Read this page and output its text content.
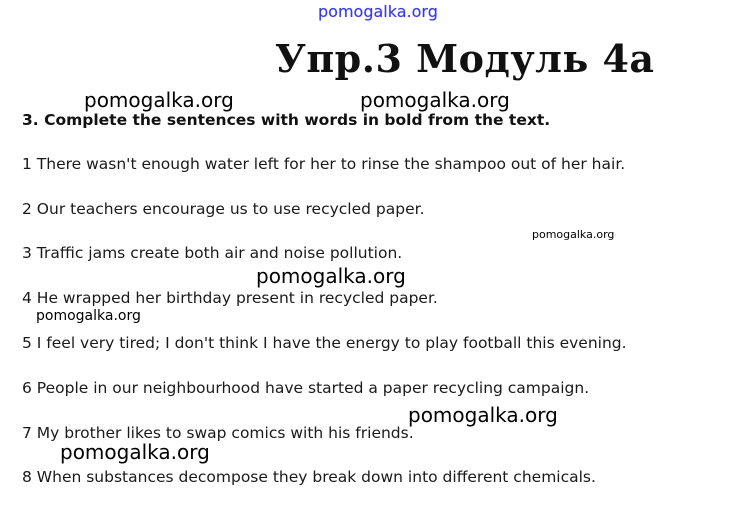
pomogalka.org
Упр.3 Модуль 4а
pomogalka.org	pomogalka.org
3. Complete the sentences with words in bold from the text.
1 There wasn't enough water left for her to rinse the shampoo out of her hair.
2 Our teachers encourage us to use recycled paper.
pomogalka.org
3 Traffic jams create both air and noise pollution.
pomogalka.org
4 He wrapped her birthday present in recycled paper.
pomogalka.org
5 I feel very tired; I don't think I have the energy to play football this evening.
6 People in our neighbourhood have started a paper recycling campaign.
pomogalka.org
7 My brother likes to swap comics with his friends.
pomogalka.org
8 When substances decompose they break down into different chemicals.
